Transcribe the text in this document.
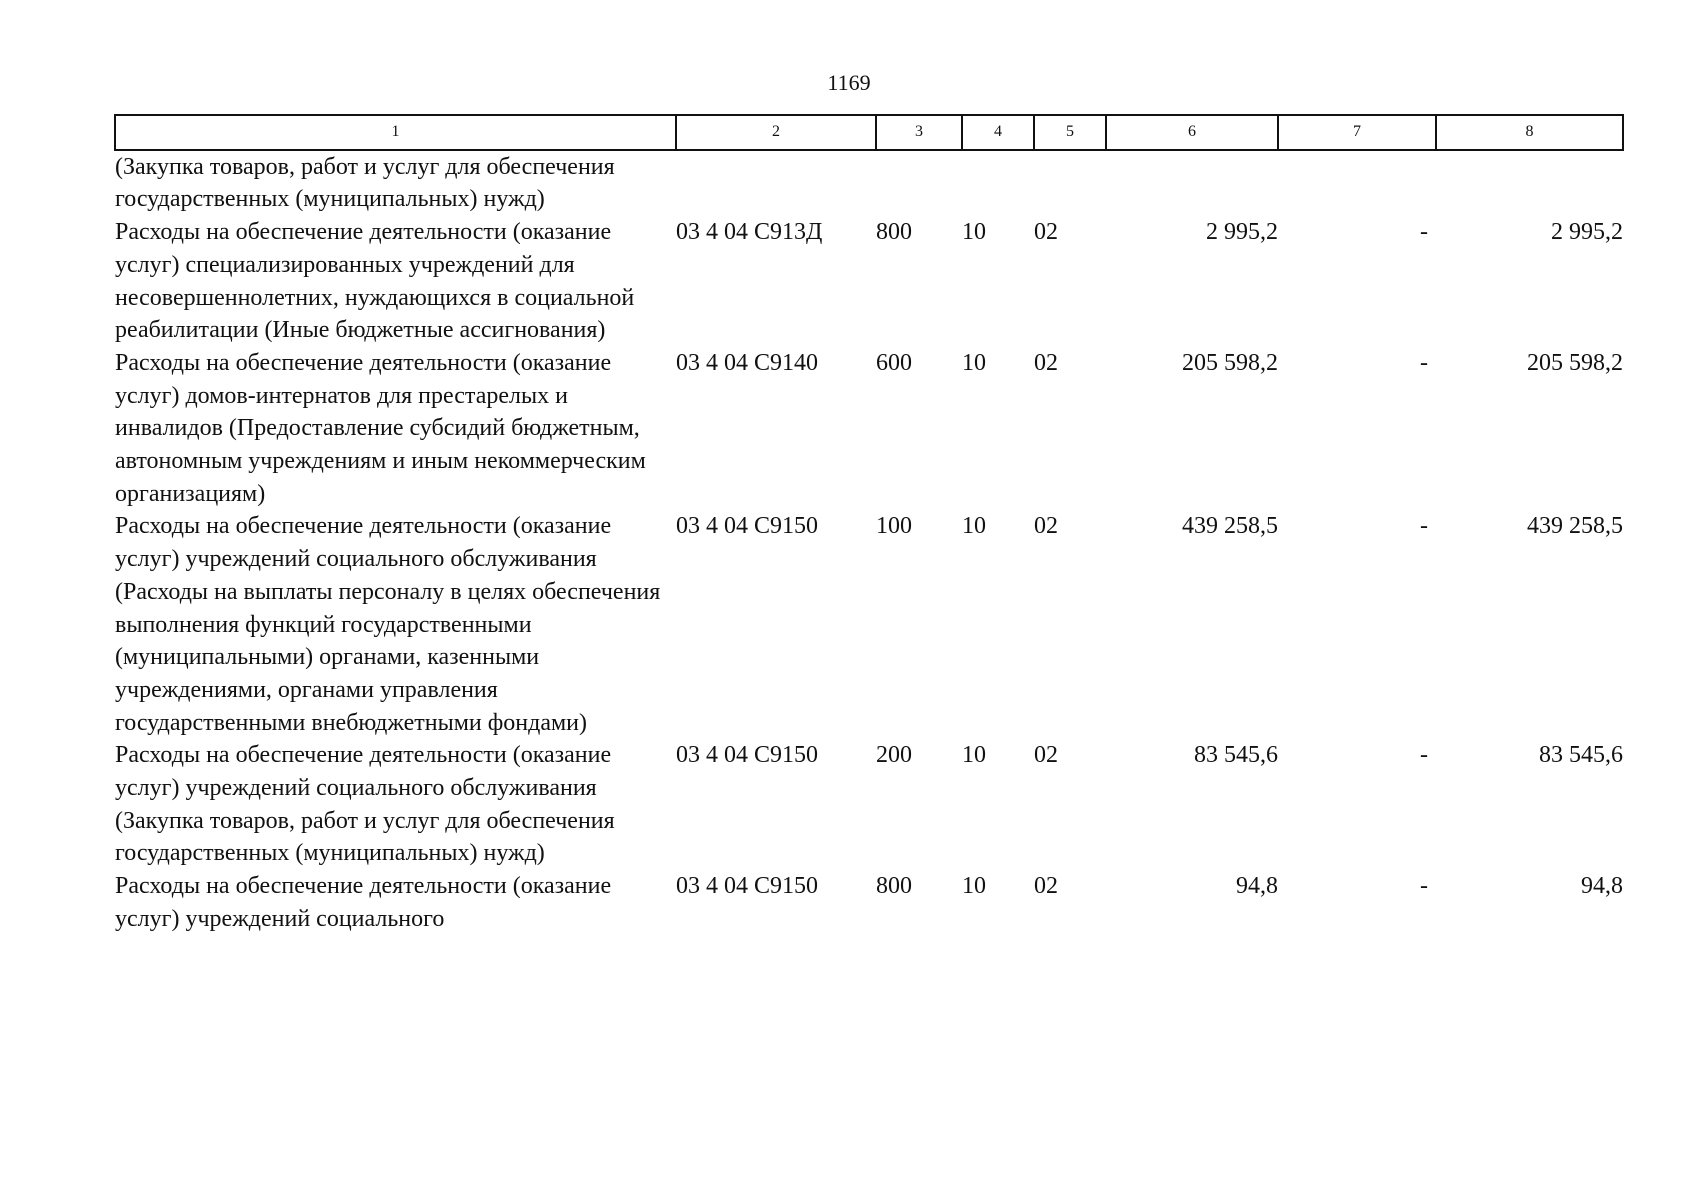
1169
1	2	3	4	5	6	7	8
(Закупка товаров, работ и услуг для обеспечения государственных (муниципальных) нужд)							
Расходы на обеспечение деятельности (оказание услуг) специализированных учреждений для несовершеннолетних, нуждающихся в социальной реабилитации (Иные бюджетные ассигнования)	03 4 04 С913Д	800	10	02	2 995,2	-	2 995,2
Расходы на обеспечение деятельности (оказание услуг) домов-интернатов для престарелых и инвалидов (Предоставление субсидий бюджетным, автономным учреждениям и иным некоммерческим организациям)	03 4 04 С9140	600	10	02	205 598,2	-	205 598,2
Расходы на обеспечение деятельности (оказание услуг) учреждений социального обслуживания (Расходы на выплаты персоналу в целях обеспечения выполнения функций государственными (муниципальными) органами, казенными учреждениями, органами управления государственными внебюджетными фондами)	03 4 04 С9150	100	10	02	439 258,5	-	439 258,5
Расходы на обеспечение деятельности (оказание услуг) учреждений социального обслуживания (Закупка товаров, работ и услуг для обеспечения государственных (муниципальных) нужд)	03 4 04 С9150	200	10	02	83 545,6	-	83 545,6
Расходы на обеспечение деятельности (оказание услуг) учреждений социального	03 4 04 С9150	800	10	02	94,8	-	94,8
